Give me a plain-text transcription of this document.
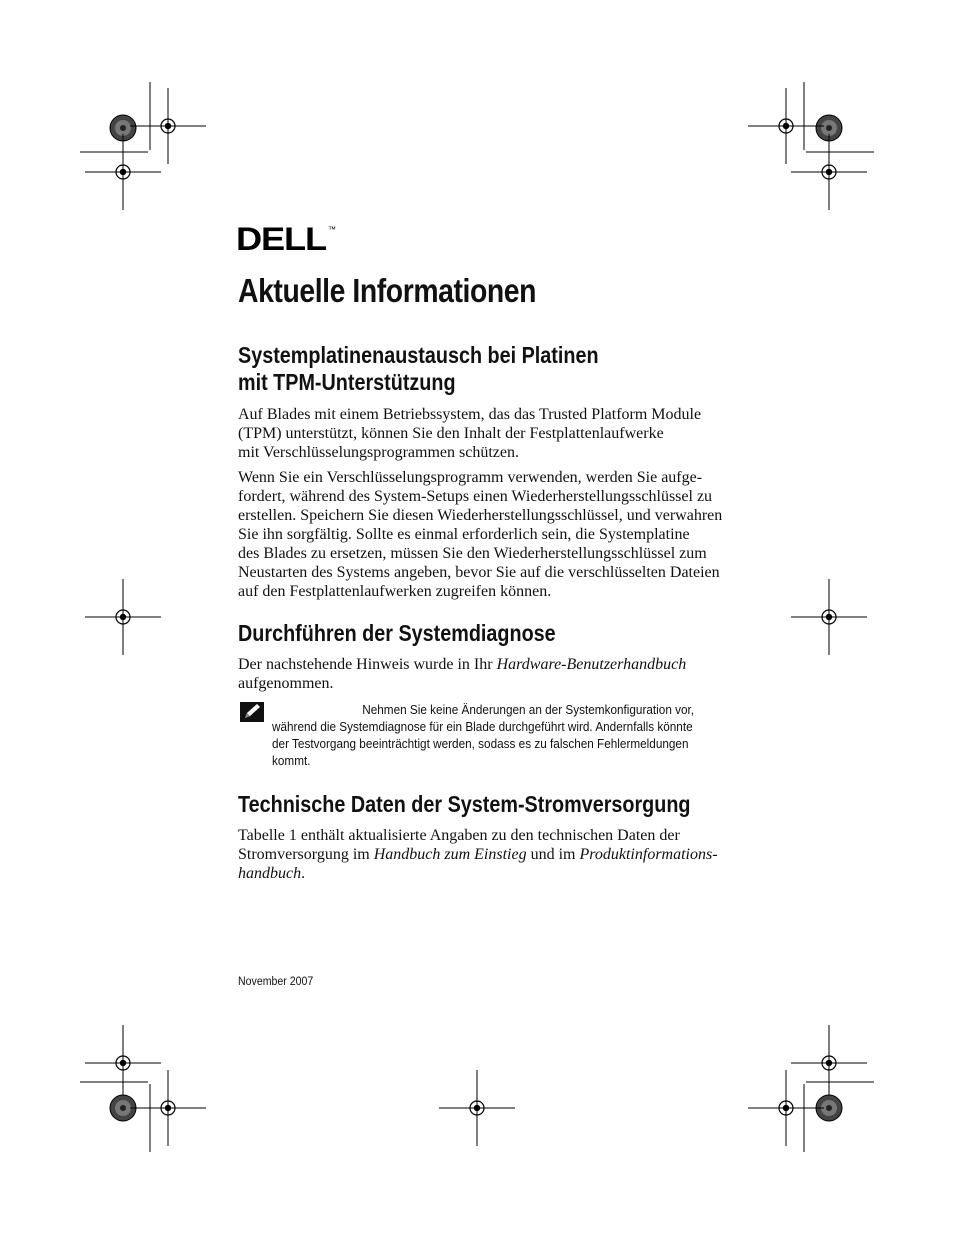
DELL ™
Aktuelle Informationen
Systemplatinenaustausch bei Platinen
mit TPM-Unterstützung

Auf Blades mit einem Betriebssystem, das das Trusted Platform Module
(TPM) unterstützt, können Sie den Inhalt der Festplattenlaufwerke
mit Verschlüsselungsprogrammen schützen.

Wenn Sie ein Verschlüsselungsprogramm verwenden, werden Sie aufge-
fordert, während des System-Setups einen Wiederherstellungsschlüssel zu
erstellen. Speichern Sie diesen Wiederherstellungsschlüssel, und verwahren
Sie ihn sorgfältig. Sollte es einmal erforderlich sein, die Systemplatine
des Blades zu ersetzen, müssen Sie den Wiederherstellungsschlüssel zum
Neustarten des Systems angeben, bevor Sie auf die verschlüsselten Dateien
auf den Festplattenlaufwerken zugreifen können.

Durchführen der Systemdiagnose

Der nachstehende Hinweis wurde in Ihr Hardware-Benutzerhandbuch
aufgenommen.

Nehmen Sie keine Änderungen an der Systemkonfiguration vor,
während die Systemdiagnose für ein Blade durchgeführt wird. Andernfalls könnte
der Testvorgang beeinträchtigt werden, sodass es zu falschen Fehlermeldungen
kommt.
Technische Daten der System-Stromversorgung

Tabelle 1 enthält aktualisierte Angaben zu den technischen Daten der
Stromversorgung im Handbuch zum Einstieg und im Produktinformations-
handbuch.

November 2007
